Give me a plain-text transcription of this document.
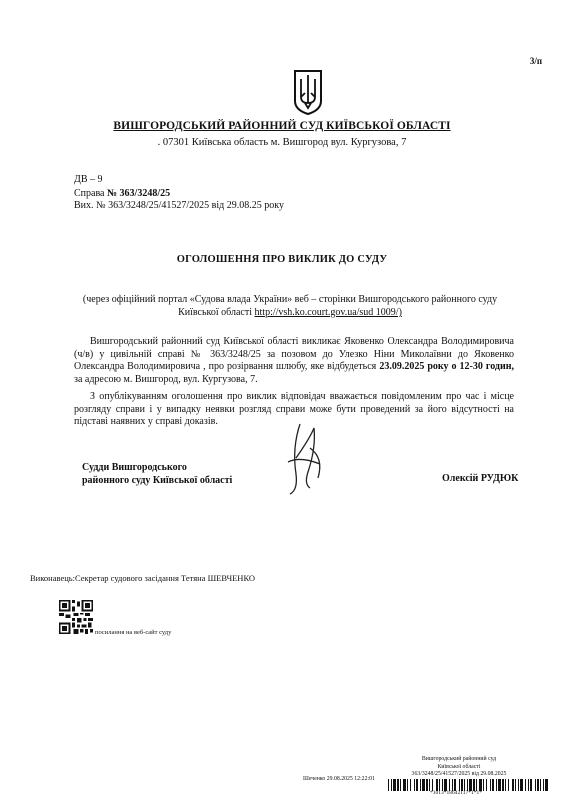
3/п
ВИШГОРОДСЬКИЙ РАЙОННИЙ СУД КИЇВСЬКОЇ ОБЛАСТІ
. 07301 Київська область м. Вишгород вул. Кургузова, 7
ДВ – 9
Справа № 363/3248/25
Вих. № 363/3248/25/41527/2025 від 29.08.25 року
ОГОЛОШЕННЯ ПРО ВИКЛИК ДО СУДУ
(через офіційний портал «Судова влада України» веб – сторінки Вишгородського районного суду Київської області http://vsh.ko.court.gov.ua/sud 1009/)
Вишгородський районний суд Київської області викликає Яковенко Олександра Володимировича (ч/в) у цивільній справі № 363/3248/25 за позовом до Улезко Ніни Миколаївни до Яковенко Олександра Володимировича , про розірвання шлюбу, яке відбудеться 23.09.2025 року о 12-30 годин, за адресою м. Вишгород, вул. Кургузова, 7.
З опублікуванням оголошення про виклик відповідач вважається повідомленим про час і місце розгляду справи і у випадку неявки розгляд справи може бути проведений за його відсутності на підставі наявних у справі доказів.
Судди Вишгородського
районного суду Київської області	Олексій РУДЮК
Виконавець:Секретар судового засідання Тетяна ШЕВЧЕНКО
посилання на веб-сайт суду
Вишгородський районний суд
Київської області
363/3248/25/41527/2025 від 29.08.2025
Шеченко 29.08.2025 12:22:01
*1013*18642117*1*1*
